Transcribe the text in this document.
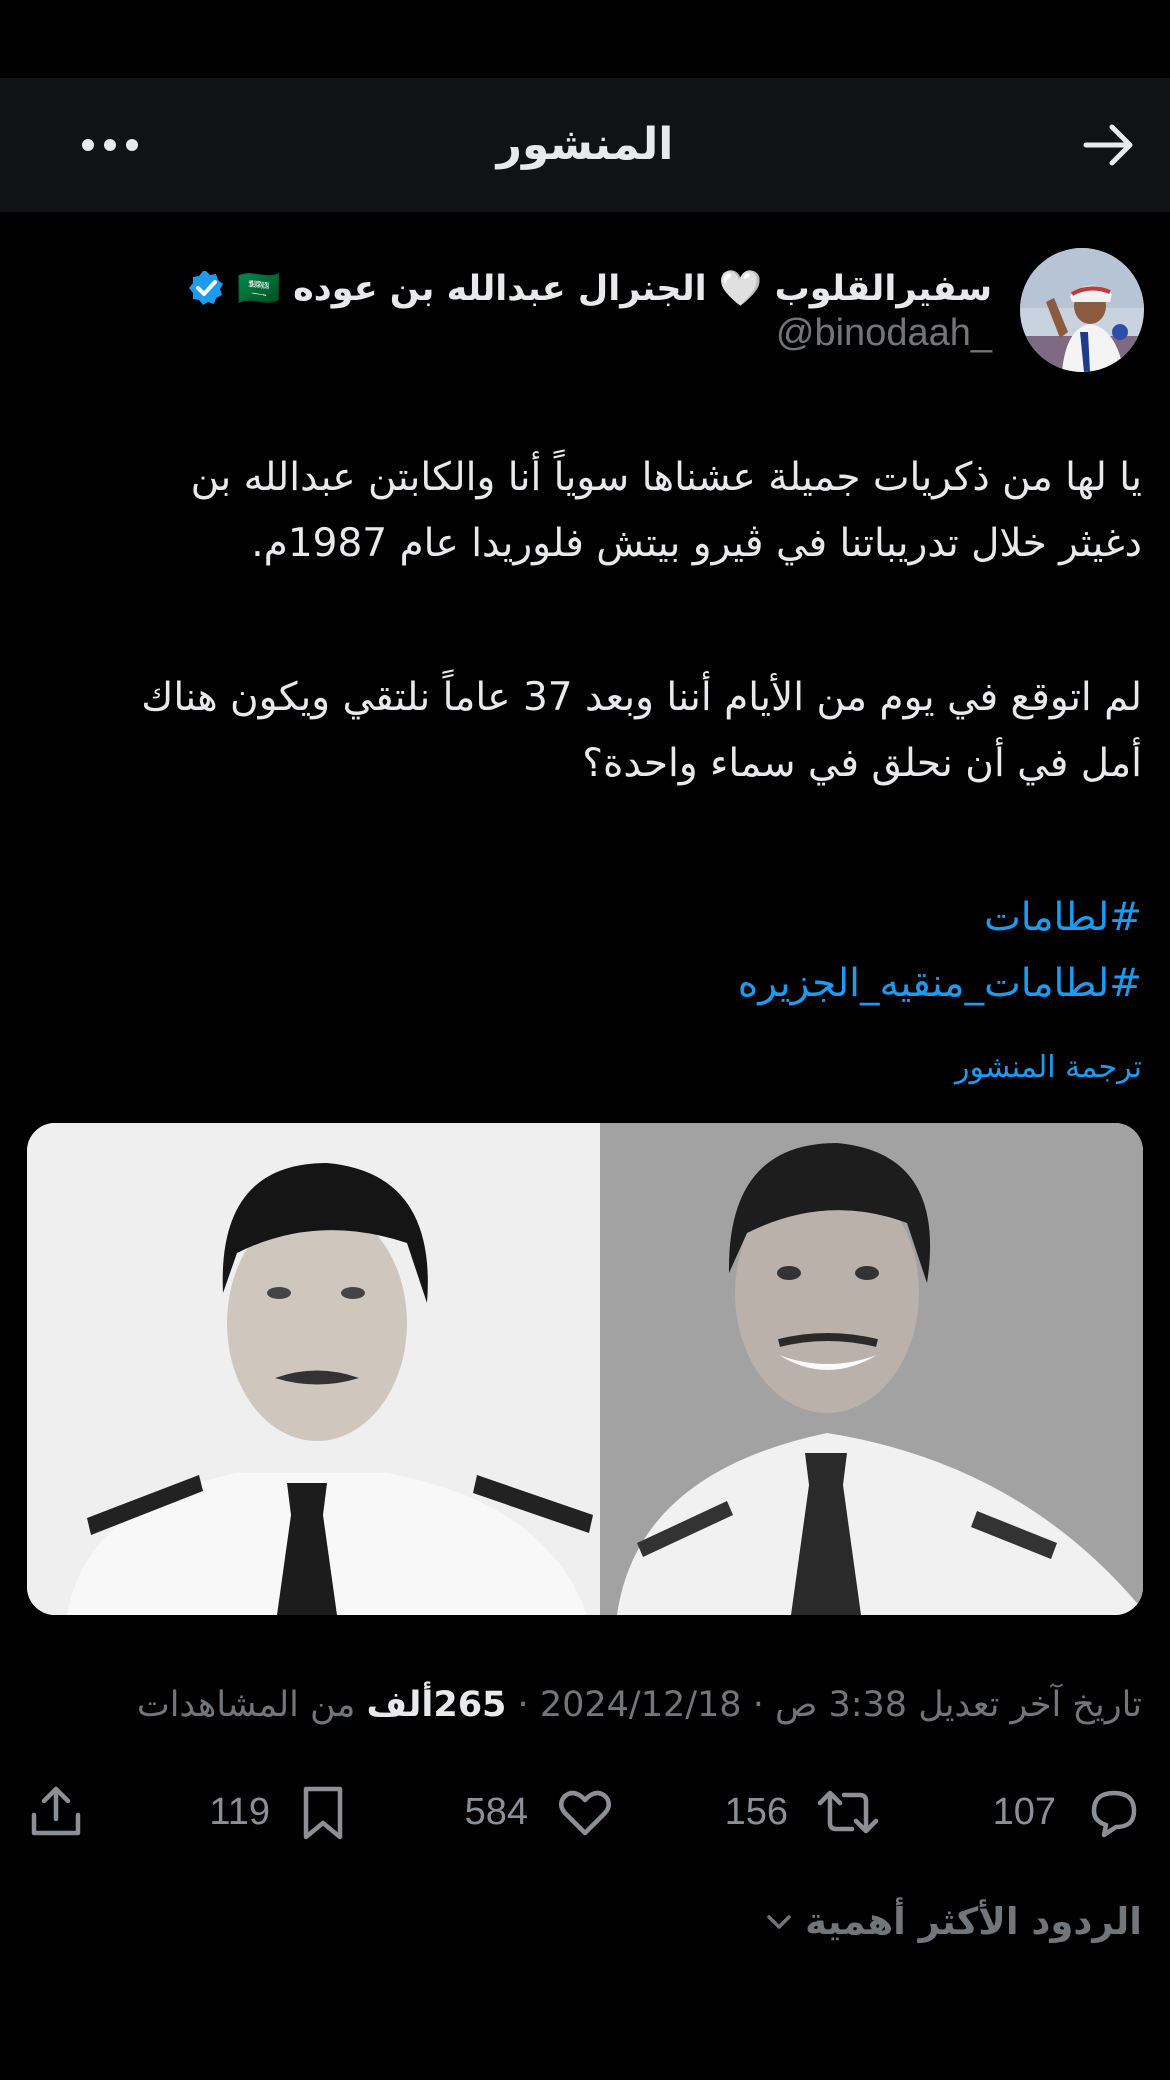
المنشور
سفيرالقلوب 🤍 الجنرال عبدالله بن عوده 🇸🇦
@binodaah_

يا لها من ذكريات جميلة عشناها سوياً أنا والكابتن عبدالله بن

دغيثر خلال تدريباتنا في ڤيرو بيتش فلوريدا عام 1987م.

لم اتوقع في يوم من الأيام أننا وبعد 37 عاماً نلتقي ويكون هناك

أمل في أن نحلق في سماء واحدة؟

#لطامات
#لطامات_منقيه_الجزيره
ترجمة المنشور
تاريخ آخر تعديل 3:38 ص · 2024/12/18 · 265ألف من المشاهدات
107
156
584
119
الردود الأكثر أهمية
